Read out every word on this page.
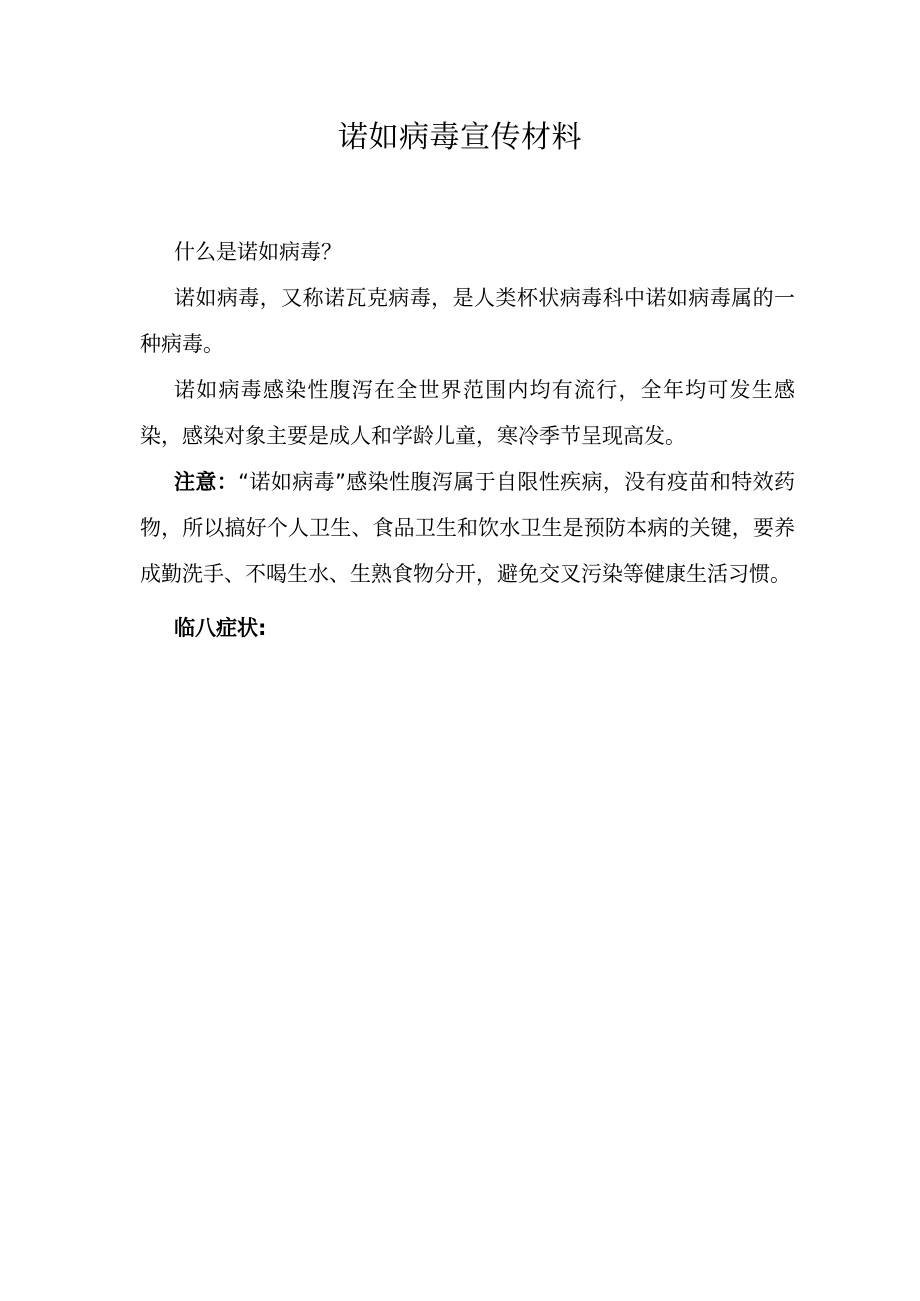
诺如病毒宣传材料

什么是诺如病毒？

诺如病毒，又称诺瓦克病毒，是人类杯状病毒科中诺如病毒属的一种病毒。

诺如病毒感染性腹泻在全世界范围内均有流行，全年均可发生感染，感染对象主要是成人和学龄儿童，寒冷季节呈现高发。

注意：“诺如病毒”感染性腹泻属于自限性疾病，没有疫苗和特效药物，所以搞好个人卫生、食品卫生和饮水卫生是预防本病的关键，要养成勤洗手、不喝生水、生熟食物分开，避免交叉污染等健康生活习惯。

临八症状:
